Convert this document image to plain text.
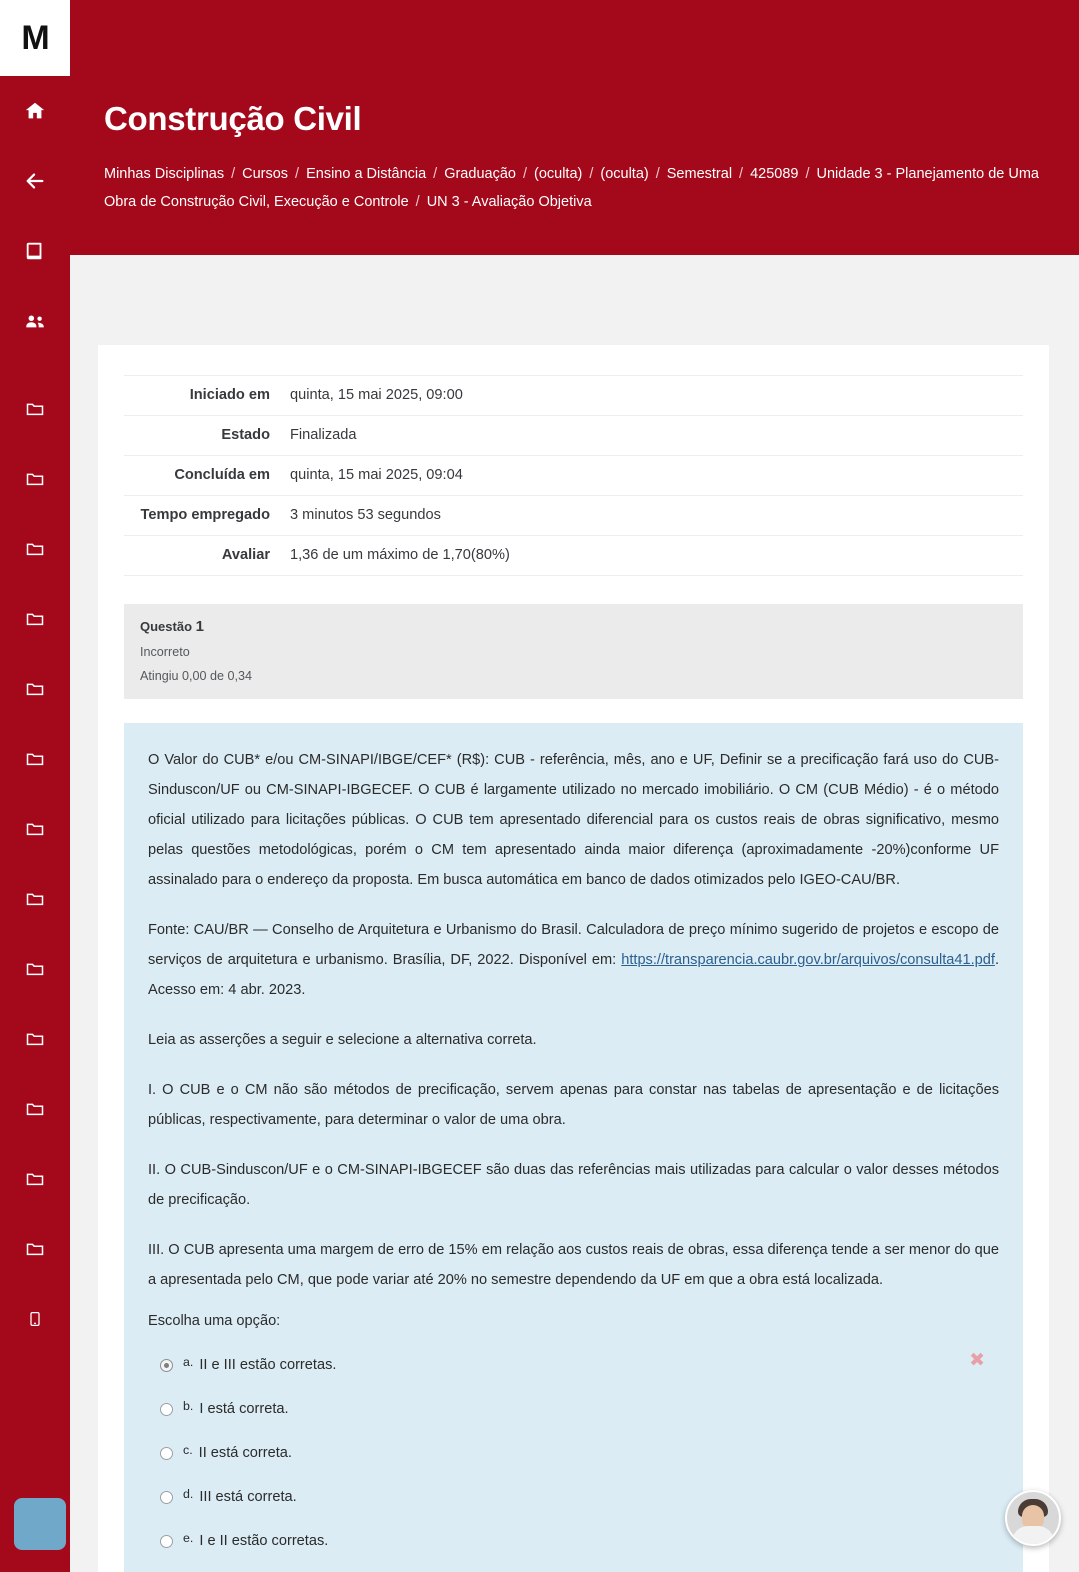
M
Construção Civil
Minhas Disciplinas / Cursos / Ensino a Distância / Graduação / (oculta) / (oculta) / Semestral / 425089 / Unidade 3 - Planejamento de Uma Obra de Construção Civil, Execução e Controle / UN 3 - Avaliação Objetiva
Iniciado em	quinta, 15 mai 2025, 09:00
Estado	Finalizada
Concluída em	quinta, 15 mai 2025, 09:04
Tempo empregado	3 minutos 53 segundos
Avaliar	1,36 de um máximo de 1,70(80%)
Questão 1
Incorreto
Atingiu 0,00 de 0,34

O Valor do CUB* e/ou CM-SINAPI/IBGE/CEF* (R$): CUB - referência, mês, ano e UF, Definir se a precificação fará uso do CUB-Sinduscon/UF ou CM-SINAPI-IBGECEF. O CUB é largamente utilizado no mercado imobiliário. O CM (CUB Médio) - é o método oficial utilizado para licitações públicas. O CUB tem apresentado diferencial para os custos reais de obras significativo, mesmo pelas questões metodológicas, porém o CM tem apresentado ainda maior diferença (aproximadamente -20%)conforme UF assinalado para o endereço da proposta. Em busca automática em banco de dados otimizados pelo IGEO-CAU/BR.

Fonte: CAU/BR — Conselho de Arquitetura e Urbanismo do Brasil. Calculadora de preço mínimo sugerido de projetos e escopo de serviços de arquitetura e urbanismo. Brasília, DF, 2022. Disponível em: https://transparencia.caubr.gov.br/arquivos/consulta41.pdf. Acesso em: 4 abr. 2023.

Leia as asserções a seguir e selecione a alternativa correta.

I. O CUB e o CM não são métodos de precificação, servem apenas para constar nas tabelas de apresentação e de licitações públicas, respectivamente, para determinar o valor de uma obra.

II. O CUB-Sinduscon/UF e o CM-SINAPI-IBGECEF são duas das referências mais utilizadas para calcular o valor desses métodos de precificação.

III. O CUB apresenta uma margem de erro de 15% em relação aos custos reais de obras, essa diferença tende a ser menor do que a apresentada pelo CM, que pode variar até 20% no semestre dependendo da UF em que a obra está localizada.

Escolha uma opção:
a. II e III estão corretas.	✖
b. I está correta.
c. II está correta.
d. III está correta.
e. I e II estão corretas.
